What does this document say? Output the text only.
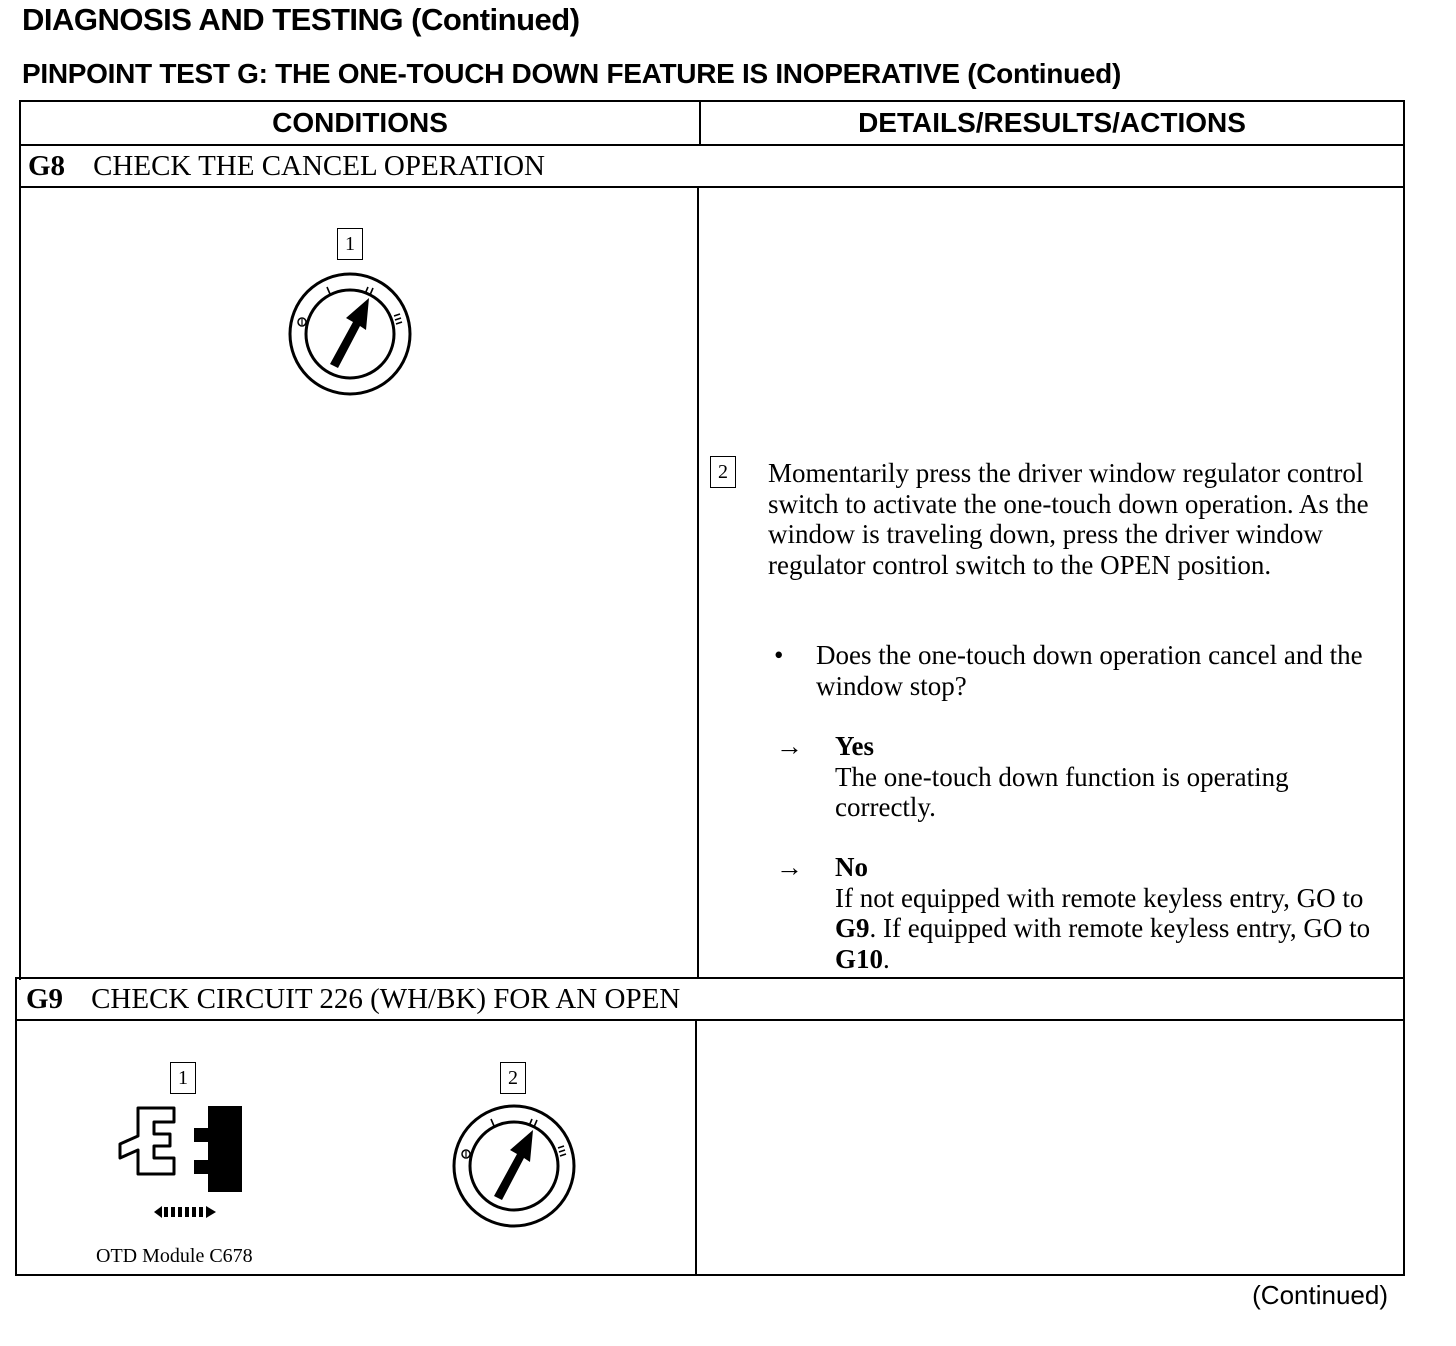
DIAGNOSIS AND TESTING (Continued)
PINPOINT TEST G: THE ONE-TOUCH DOWN FEATURE IS INOPERATIVE (Continued)
CONDITIONS	DETAILS/RESULTS/ACTIONS
G8 CHECK THE CANCEL OPERATION
1
2 Momentarily press the driver window regulator control switch to activate the one-touch down operation. As the window is traveling down, press the driver window regulator control switch to the OPEN position.
• Does the one-touch down operation cancel and the window stop?
→ Yes
The one-touch down function is operating correctly.
→ No
If not equipped with remote keyless entry, GO to G9. If equipped with remote keyless entry, GO to G10.
G9 CHECK CIRCUIT 226 (WH/BK) FOR AN OPEN
1
OTD Module C678
2
(Continued)
